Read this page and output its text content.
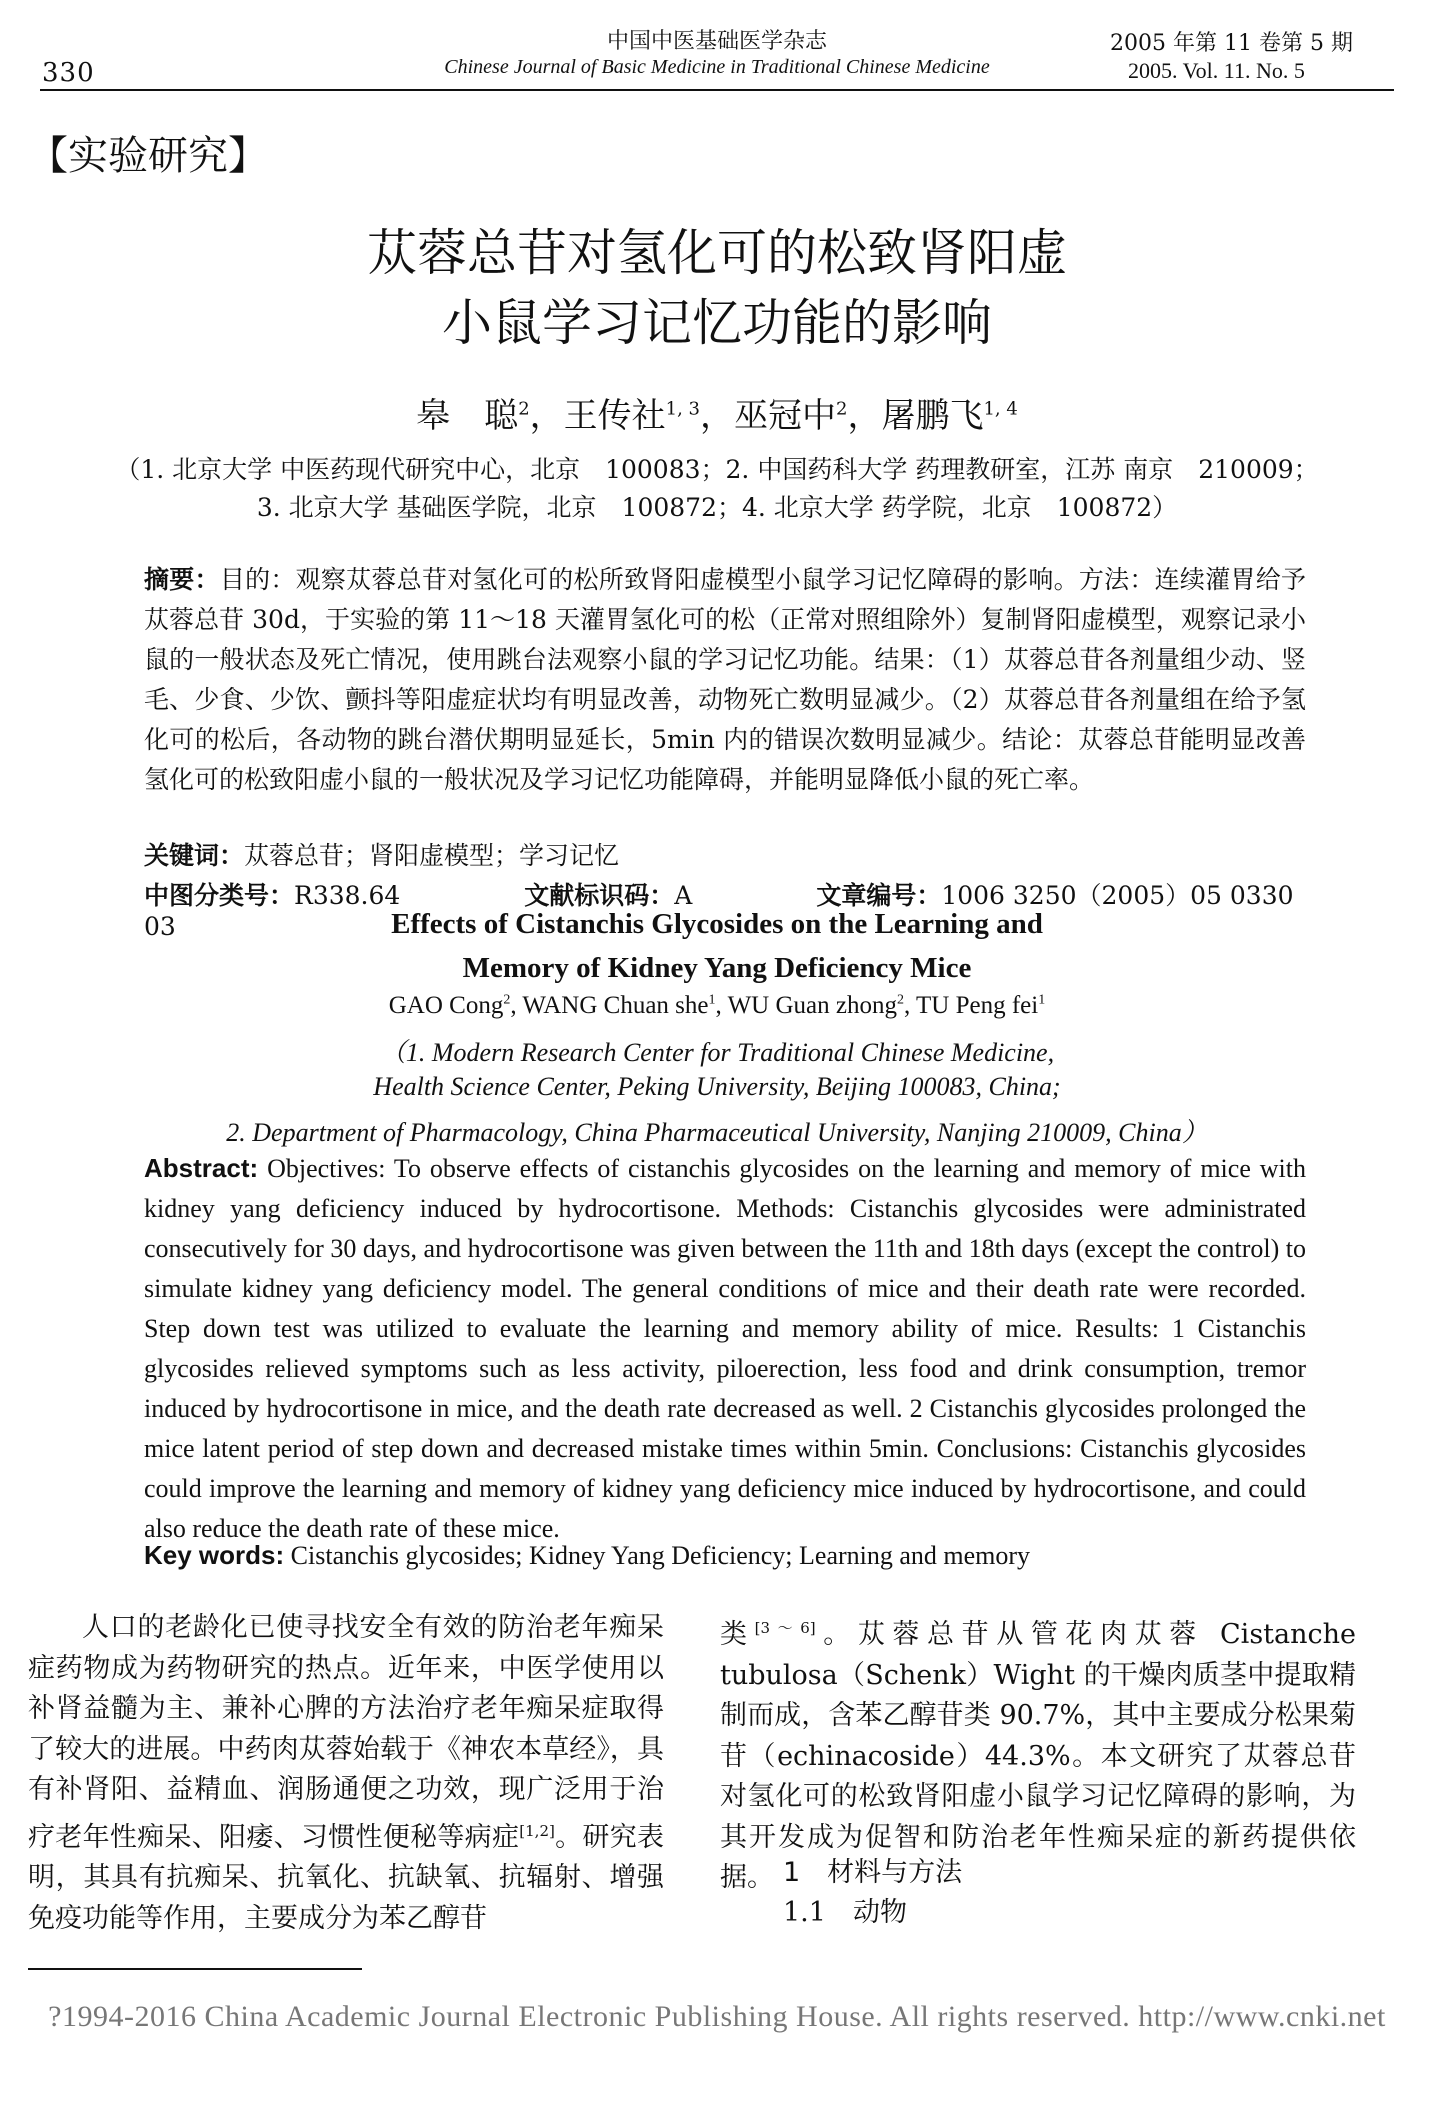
330
中国中医基础医学杂志
Chinese Journal of Basic Medicine in Traditional Chinese Medicine
2005 年第 11 卷第 5 期
2005. Vol. 11. No. 5
【实验研究】
苁蓉总苷对氢化可的松致肾阳虚
小鼠学习记忆功能的影响
皋　聪$^2$，王传社$^{1, 3}$，巫冠中$^2$，屠鹏飞$^{1, 4}$
（1. 北京大学 中医药现代研究中心，北京　100083；2. 中国药科大学 药理教研室，江苏 南京　210009；
3. 北京大学 基础医学院，北京　100872；4. 北京大学 药学院，北京　100872）
摘要：目的：观察苁蓉总苷对氢化可的松所致肾阳虚模型小鼠学习记忆障碍的影响。方法：连续灌胃给予苁蓉总苷 30d，于实验的第 11～18 天灌胃氢化可的松（正常对照组除外）复制肾阳虚模型，观察记录小鼠的一般状态及死亡情况，使用跳台法观察小鼠的学习记忆功能。结果：（1）苁蓉总苷各剂量组少动、竖毛、少食、少饮、颤抖等阳虚症状均有明显改善，动物死亡数明显减少。（2）苁蓉总苷各剂量组在给予氢化可的松后，各动物的跳台潜伏期明显延长，5min 内的错误次数明显减少。结论：苁蓉总苷能明显改善氢化可的松致阳虚小鼠的一般状况及学习记忆功能障碍，并能明显降低小鼠的死亡率。
关键词：苁蓉总苷；肾阳虚模型；学习记忆
中图分类号：R338.64	文献标识码：A	文章编号：1006 3250（2005）05 0330 03	Effects of Cistanchis Glycosides on the Learning and
Memory of Kidney Yang Deficiency Mice
GAO Cong$^2$, WANG Chuan she$^1$, WU Guan zhong$^2$, TU Peng fei$^1$
（1. Modern Research Center for Traditional Chinese Medicine,
Health Science Center, Peking University, Beijing 100083, China;
2. Department of Pharmacology, China Pharmaceutical University, Nanjing 210009, China）
Abstract: Objectives: To observe effects of cistanchis glycosides on the learning and memory of mice with kidney yang deficiency induced by hydrocortisone. Methods: Cistanchis glycosides were administrated consecutively for 30 days, and hydrocortisone was given between the 11th and 18th days (except the control) to simulate kidney yang deficiency model. The general conditions of mice and their death rate were recorded. Step down test was utilized to evaluate the learning and memory ability of mice. Results: 1 Cistanchis glycosides relieved symptoms such as less activity, piloerection, less food and drink consumption, tremor induced by hydrocortisone in mice, and the death rate decreased as well. 2 Cistanchis glycosides prolonged the mice latent period of step down and decreased mistake times within 5min. Conclusions: Cistanchis glycosides could improve the learning and memory of kidney yang deficiency mice induced by hydrocortisone, and could also reduce the death rate of these mice.
Key words: Cistanchis glycosides; Kidney Yang Deficiency; Learning and memory
人口的老龄化已使寻找安全有效的防治老年痴呆症药物成为药物研究的热点。近年来，中医学使用以补肾益髓为主、兼补心脾的方法治疗老年痴呆症取得了较大的进展。中药肉苁蓉始载于《神农本草经》，具有补肾阳、益精血、润肠通便之功效，现广泛用于治疗老年性痴呆、阳痿、习惯性便秘等病症[1,2]。研究表明，其具有抗痴呆、抗氧化、抗缺氧、抗辐射、增强免疫功能等作用，主要成分为苯乙醇苷
类[3～6]。苁蓉总苷从管花肉苁蓉 Cistanche tubulosa（Schenk）Wight 的干燥肉质茎中提取精制而成，含苯乙醇苷类 90.7%，其中主要成分松果菊苷（echinacoside）44.3%。本文研究了苁蓉总苷对氢化可的松致肾阳虚小鼠学习记忆障碍的影响，为其开发成为促智和防治老年性痴呆症的新药提供依据。 1　材料与方法
1.1　动物
?1994-2016 China Academic Journal Electronic Publishing House. All rights reserved. http://www.cnki.net
